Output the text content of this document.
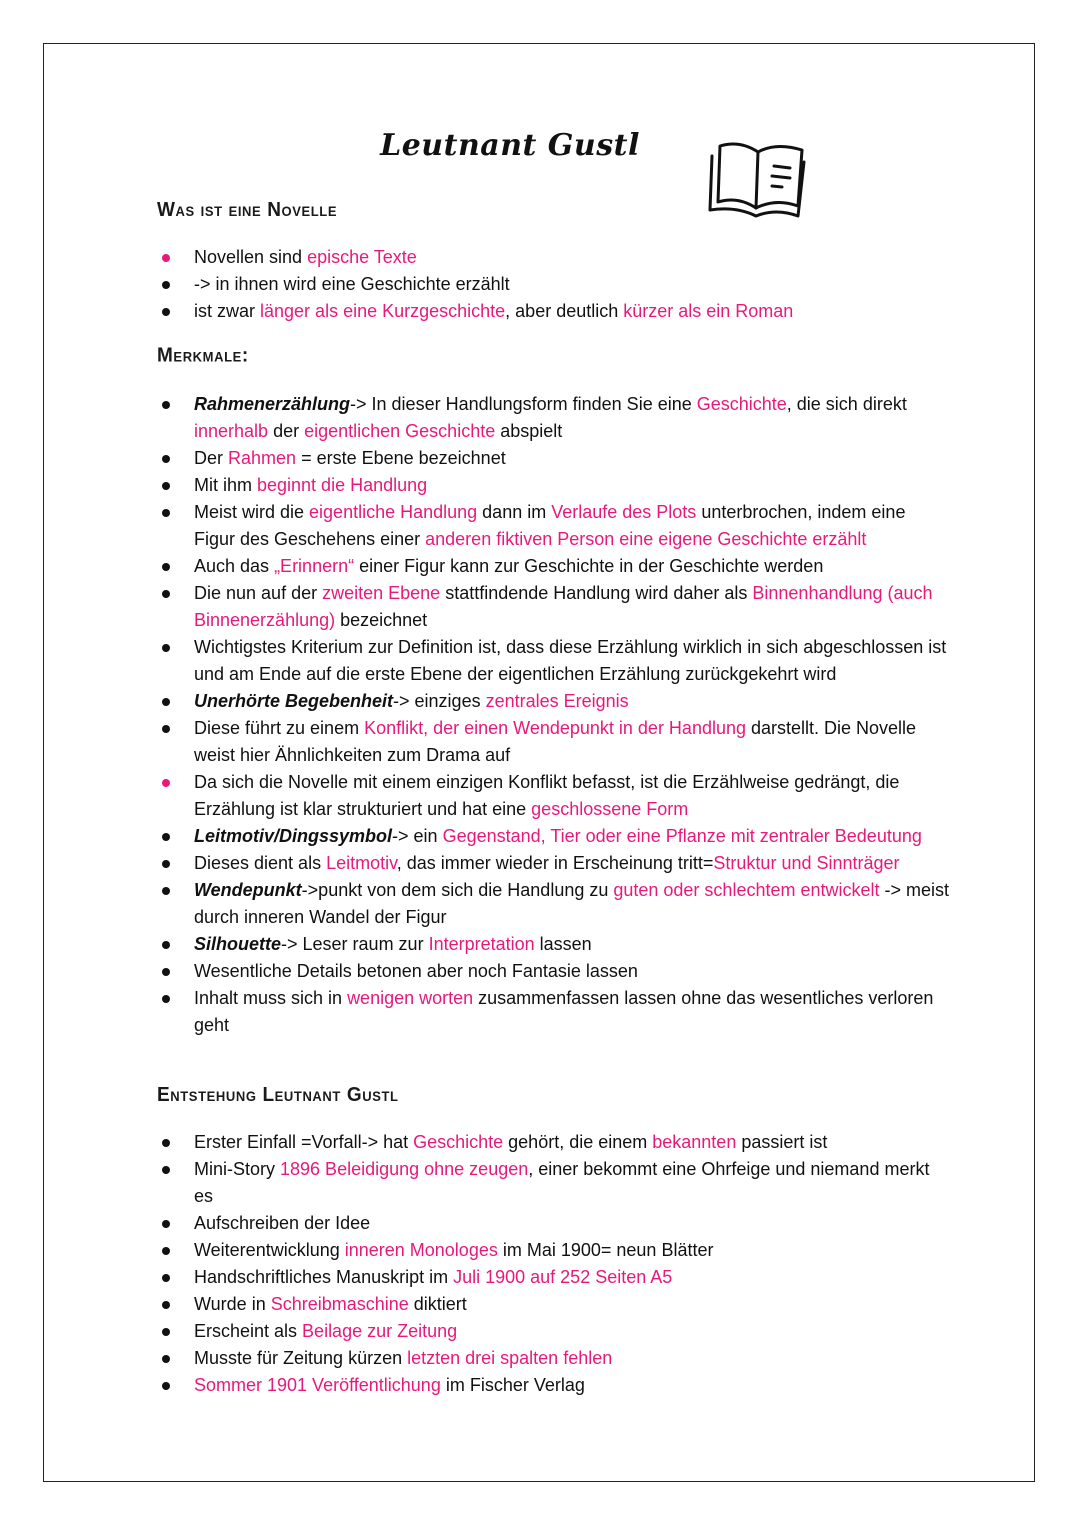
Leutnant Gustl
Was ist eine Novelle
Novellen sind epische Texte
-> in ihnen wird eine Geschichte erzählt
ist zwar länger als eine Kurzgeschichte, aber deutlich kürzer als ein Roman
Merkmale:
Rahmenerzählung-> In dieser Handlungsform finden Sie eine Geschichte, die sich direkt innerhalb der eigentlichen Geschichte abspielt
Der Rahmen = erste Ebene bezeichnet
Mit ihm beginnt die Handlung
Meist wird die eigentliche Handlung dann im Verlaufe des Plots unterbrochen, indem eine Figur des Geschehens einer anderen fiktiven Person eine eigene Geschichte erzählt
Auch das „Erinnern“ einer Figur kann zur Geschichte in der Geschichte werden
Die nun auf der zweiten Ebene stattfindende Handlung wird daher als Binnenhandlung (auch Binnenerzählung) bezeichnet
Wichtigstes Kriterium zur Definition ist, dass diese Erzählung wirklich in sich abgeschlossen ist und am Ende auf die erste Ebene der eigentlichen Erzählung zurückgekehrt wird
Unerhörte Begebenheit-> einziges zentrales Ereignis
Diese führt zu einem Konflikt, der einen Wendepunkt in der Handlung darstellt. Die Novelle weist hier Ähnlichkeiten zum Drama auf
Da sich die Novelle mit einem einzigen Konflikt befasst, ist die Erzählweise gedrängt, die Erzählung ist klar strukturiert und hat eine geschlossene Form
Leitmotiv/Dingssymbol-> ein Gegenstand, Tier oder eine Pflanze mit zentraler Bedeutung
Dieses dient als Leitmotiv, das immer wieder in Erscheinung tritt=Struktur und Sinnträger
Wendepunkt->punkt von dem sich die Handlung zu guten oder schlechtem entwickelt -> meist durch inneren Wandel der Figur
Silhouette-> Leser raum zur Interpretation lassen
Wesentliche Details betonen aber noch Fantasie lassen
Inhalt muss sich in wenigen worten zusammenfassen lassen ohne das wesentliches verloren geht
Entstehung Leutnant Gustl
Erster Einfall =Vorfall-> hat Geschichte gehört, die einem bekannten passiert ist
Mini-Story 1896 Beleidigung ohne zeugen, einer bekommt eine Ohrfeige und niemand merkt es
Aufschreiben der Idee
Weiterentwicklung inneren Monologes im Mai 1900= neun Blätter
Handschriftliches Manuskript im Juli 1900 auf 252 Seiten A5
Wurde in Schreibmaschine diktiert
Erscheint als Beilage zur Zeitung
Musste für Zeitung kürzen letzten drei spalten fehlen
Sommer 1901 Veröffentlichung im Fischer Verlag
